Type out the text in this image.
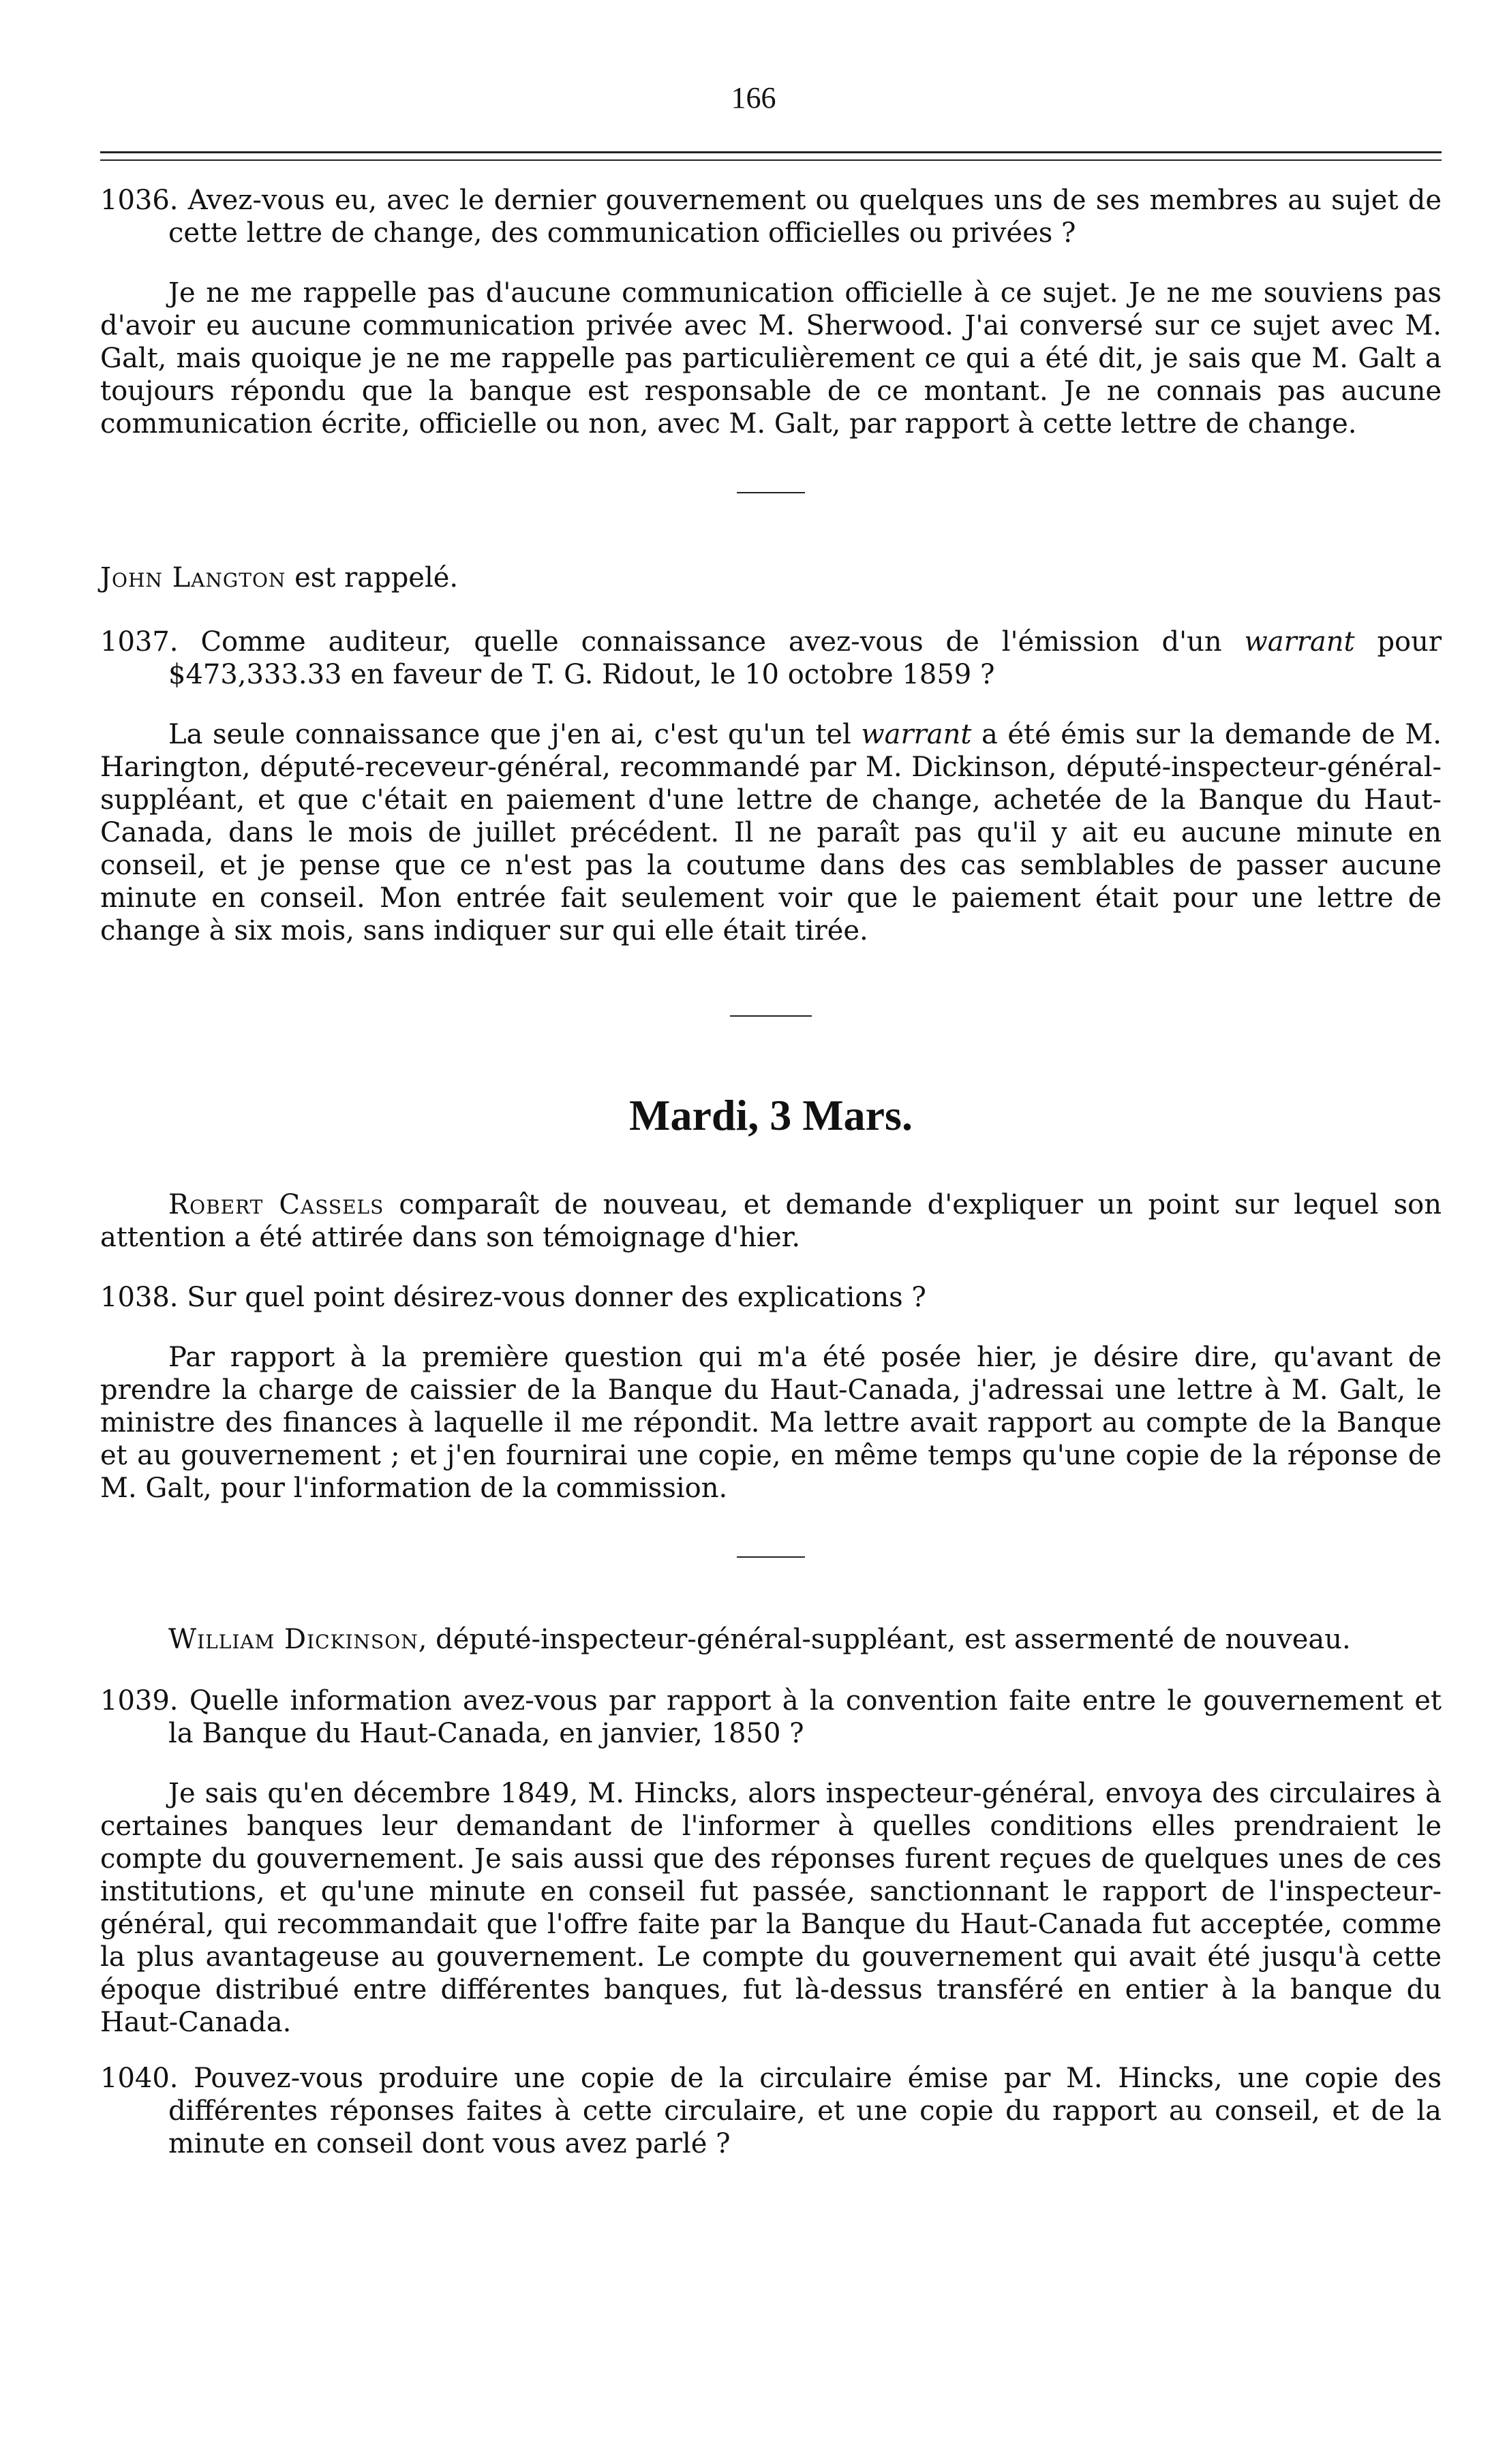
166

1036. Avez-vous eu, avec le dernier gouvernement ou quelques uns de ses membres au sujet de cette lettre de change, des communication officielles ou privées ?

Je ne me rappelle pas d'aucune communication officielle à ce sujet. Je ne me souviens pas d'avoir eu aucune communication privée avec M. Sherwood. J'ai conversé sur ce sujet avec M. Galt, mais quoique je ne me rappelle pas particulièrement ce qui a été dit, je sais que M. Galt a toujours répondu que la banque est responsable de ce montant. Je ne connais pas aucune communication écrite, officielle ou non, avec M. Galt, par rapport à cette lettre de change.

John Langton est rappelé.

1037. Comme auditeur, quelle connaissance avez-vous de l'émission d'un warrant pour $473,333.33 en faveur de T. G. Ridout, le 10 octobre 1859 ?

La seule connaissance que j'en ai, c'est qu'un tel warrant a été émis sur la demande de M. Harington, député-receveur-général, recommandé par M. Dickinson, député-inspecteur-général-suppléant, et que c'était en paiement d'une lettre de change, achetée de la Banque du Haut-Canada, dans le mois de juillet précédent. Il ne paraît pas qu'il y ait eu aucune minute en conseil, et je pense que ce n'est pas la coutume dans des cas semblables de passer aucune minute en conseil. Mon entrée fait seulement voir que le paiement était pour une lettre de change à six mois, sans indiquer sur qui elle était tirée.

Mardi, 3 Mars.

Robert Cassels comparaît de nouveau, et demande d'expliquer un point sur lequel son attention a été attirée dans son témoignage d'hier.

1038. Sur quel point désirez-vous donner des explications ?

Par rapport à la première question qui m'a été posée hier, je désire dire, qu'avant de prendre la charge de caissier de la Banque du Haut-Canada, j'adressai une lettre à M. Galt, le ministre des finances à laquelle il me répondit. Ma lettre avait rapport au compte de la Banque et au gouvernement ; et j'en fournirai une copie, en même temps qu'une copie de la réponse de M. Galt, pour l'information de la commission.

William Dickinson, député-inspecteur-général-suppléant, est assermenté de nouveau.

1039. Quelle information avez-vous par rapport à la convention faite entre le gouvernement et la Banque du Haut-Canada, en janvier, 1850 ?

Je sais qu'en décembre 1849, M. Hincks, alors inspecteur-général, envoya des circulaires à certaines banques leur demandant de l'informer à quelles conditions elles prendraient le compte du gouvernement. Je sais aussi que des réponses furent reçues de quelques unes de ces institutions, et qu'une minute en conseil fut passée, sanctionnant le rapport de l'inspecteur-général, qui recommandait que l'offre faite par la Banque du Haut-Canada fut acceptée, comme la plus avantageuse au gouvernement. Le compte du gouvernement qui avait été jusqu'à cette époque distribué entre différentes banques, fut là-dessus transféré en entier à la banque du Haut-Canada.

1040. Pouvez-vous produire une copie de la circulaire émise par M. Hincks, une copie des différentes réponses faites à cette circulaire, et une copie du rapport au conseil, et de la minute en conseil dont vous avez parlé ?
